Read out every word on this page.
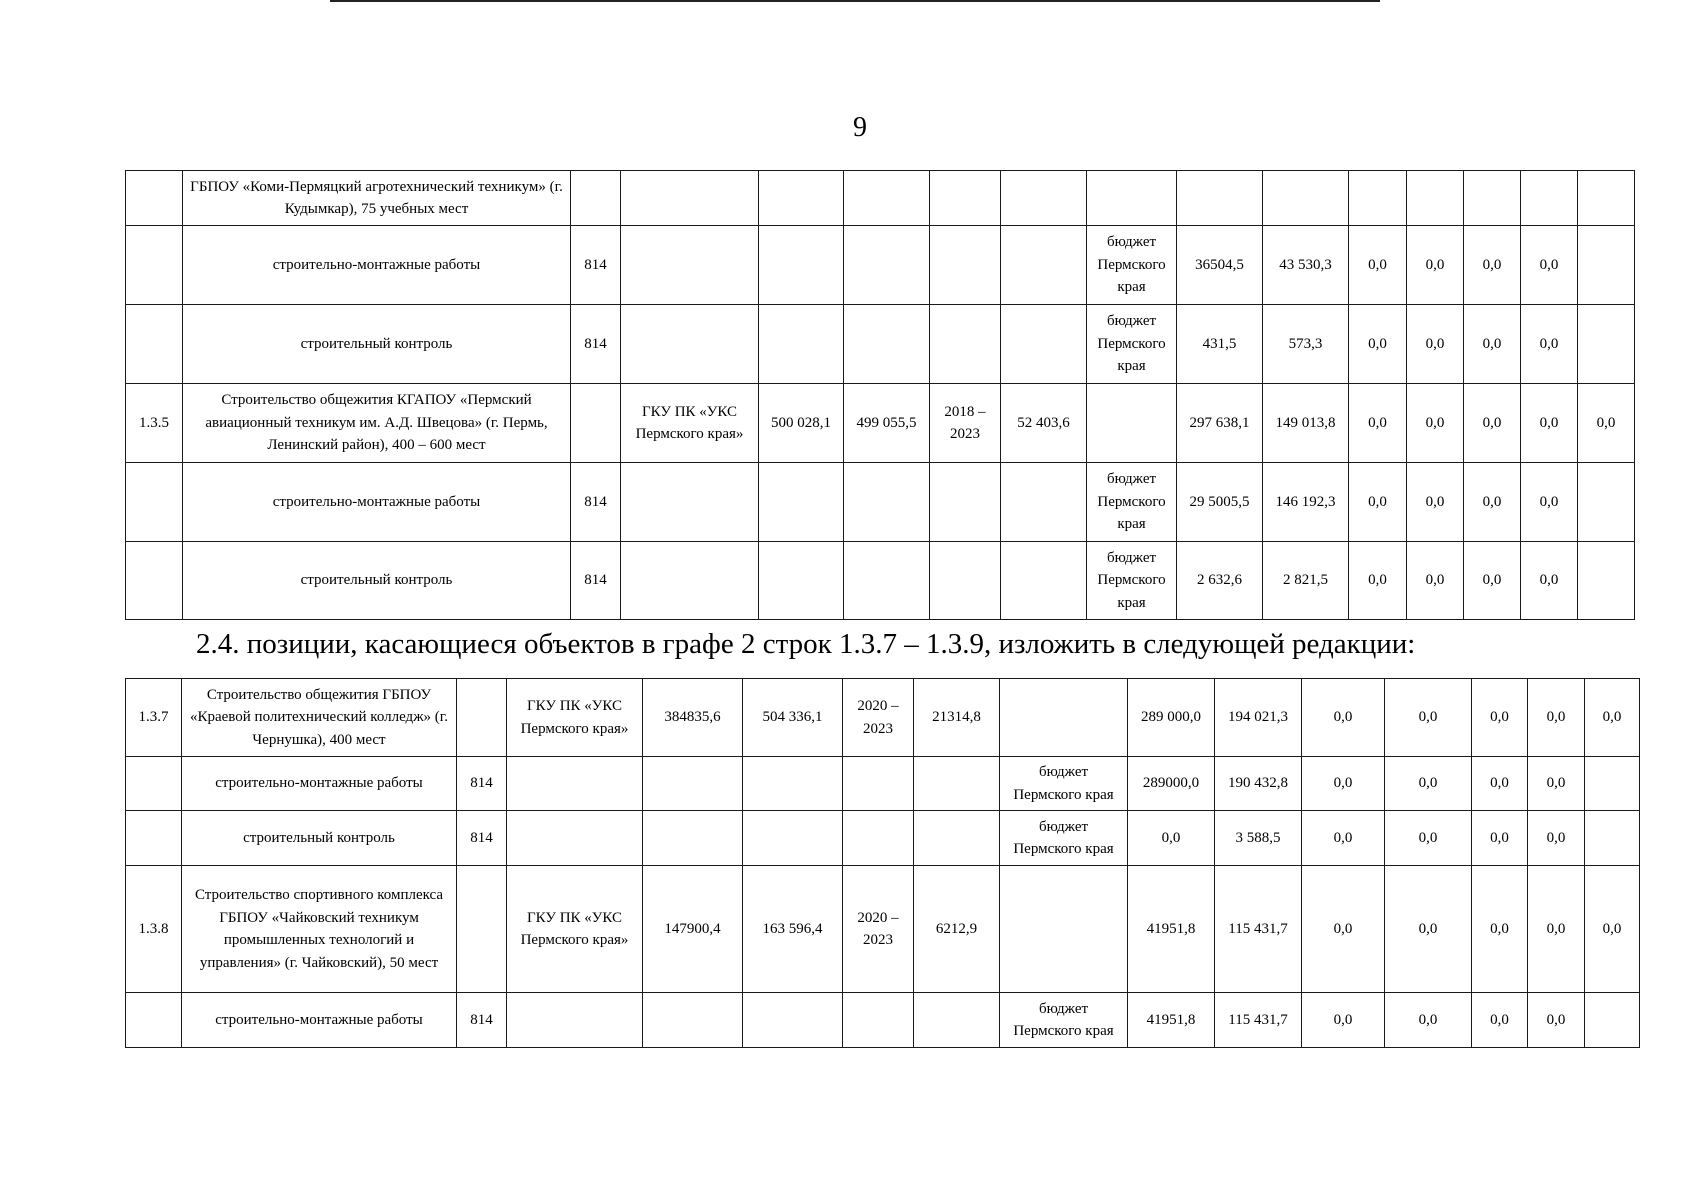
9
	ГБПОУ «Коми-Пермяцкий агротехнический техникум» (г. Кудымкар), 75 учебных мест														
	строительно-монтажные работы	814						бюджет Пермского края	36504,5	43 530,3	0,0	0,0	0,0	0,0	
	строительный контроль	814						бюджет Пермского края	431,5	573,3	0,0	0,0	0,0	0,0	
1.3.5	Строительство общежития КГАПОУ «Пермский авиационный техникум им. А.Д. Швецова» (г. Пермь, Ленинский район), 400 – 600 мест		ГКУ ПК «УКС Пермского края»	500 028,1	499 055,5	2018 – 2023	52 403,6		297 638,1	149 013,8	0,0	0,0	0,0	0,0	0,0
	строительно-монтажные работы	814						бюджет Пермского края	29 5005,5	146 192,3	0,0	0,0	0,0	0,0	
	строительный контроль	814						бюджет Пермского края	2 632,6	2 821,5	0,0	0,0	0,0	0,0	
2.4. позиции, касающиеся объектов в графе 2 строк 1.3.7 – 1.3.9, изложить в следующей редакции:
1.3.7	Строительство общежития ГБПОУ «Краевой политехнический колледж» (г. Чернушка), 400 мест		ГКУ ПК «УКС Пермского края»	384835,6	504 336,1	2020 – 2023	21314,8		289 000,0	194 021,3	0,0	0,0	0,0	0,0	0,0
	строительно-монтажные работы	814						бюджет Пермского края	289000,0	190 432,8	0,0	0,0	0,0	0,0	
	строительный контроль	814						бюджет Пермского края	0,0	3 588,5	0,0	0,0	0,0	0,0	
1.3.8	Строительство спортивного комплекса ГБПОУ «Чайковский техникум промышленных технологий и управления» (г. Чайковский), 50 мест		ГКУ ПК «УКС Пермского края»	147900,4	163 596,4	2020 – 2023	6212,9		41951,8	115 431,7	0,0	0,0	0,0	0,0	0,0
	строительно-монтажные работы	814						бюджет Пермского края	41951,8	115 431,7	0,0	0,0	0,0	0,0	
